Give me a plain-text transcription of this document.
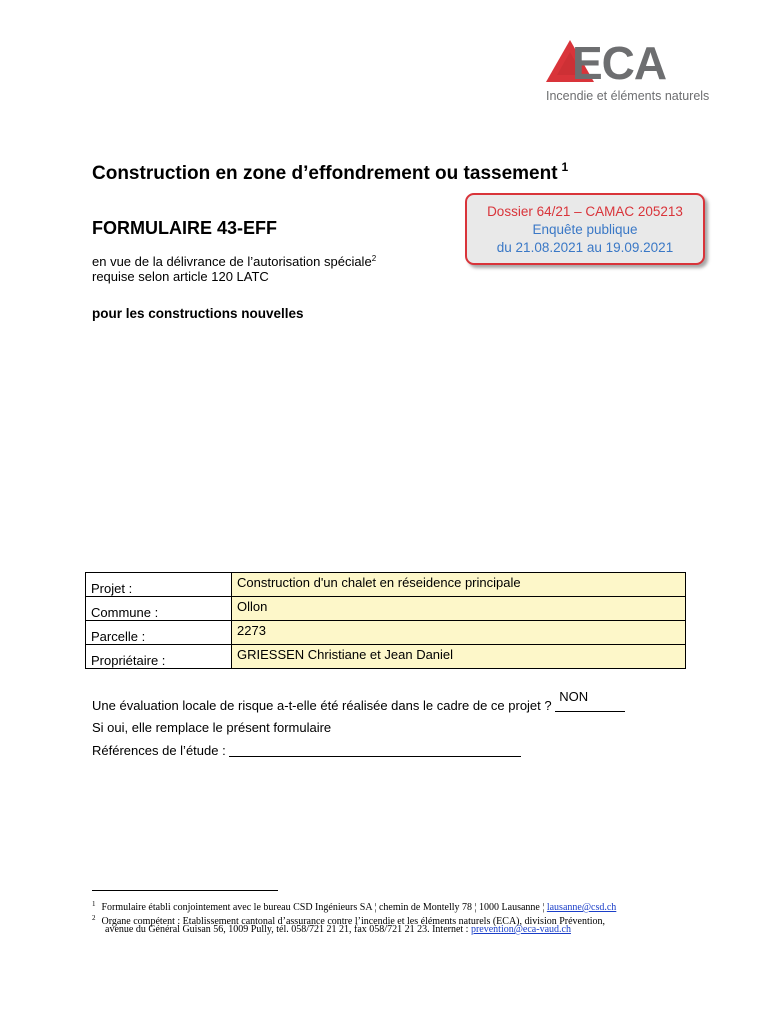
ECA
Incendie et éléments naturels
Construction en zone d’effondrement ou tassement $^1$
Dossier 64/21 – CAMAC 205213
Enquête publique
du 21.08.2021 au 19.09.2021
FORMULAIRE 43-EFF
en vue de la délivrance de l’autorisation spéciale$^2$
requise selon article 120 LATC
pour les constructions nouvelles
Projet :	Construction d'un chalet en réseidence principale
Commune :	Ollon
Parcelle :	2273
Propriétaire :	GRIESSEN Christiane et Jean Daniel
Une évaluation locale de risque a-t-elle été réalisée dans le cadre de ce projet ?
NON
Si oui, elle remplace le présent formulaire
Références de l’étude :
$^1$ Formulaire établi conjointement avec le bureau CSD Ingénieurs SA ¦ chemin de Montelly 78 ¦ 1000 Lausanne ¦ lausanne@csd.ch
$^2$ Organe compétent : Etablissement cantonal d’assurance contre l’incendie et les éléments naturels (ECA), division Prévention,
avenue du Général Guisan 56, 1009 Pully, tél. 058/721 21 21, fax 058/721 21 23. Internet : prevention@eca-vaud.ch
